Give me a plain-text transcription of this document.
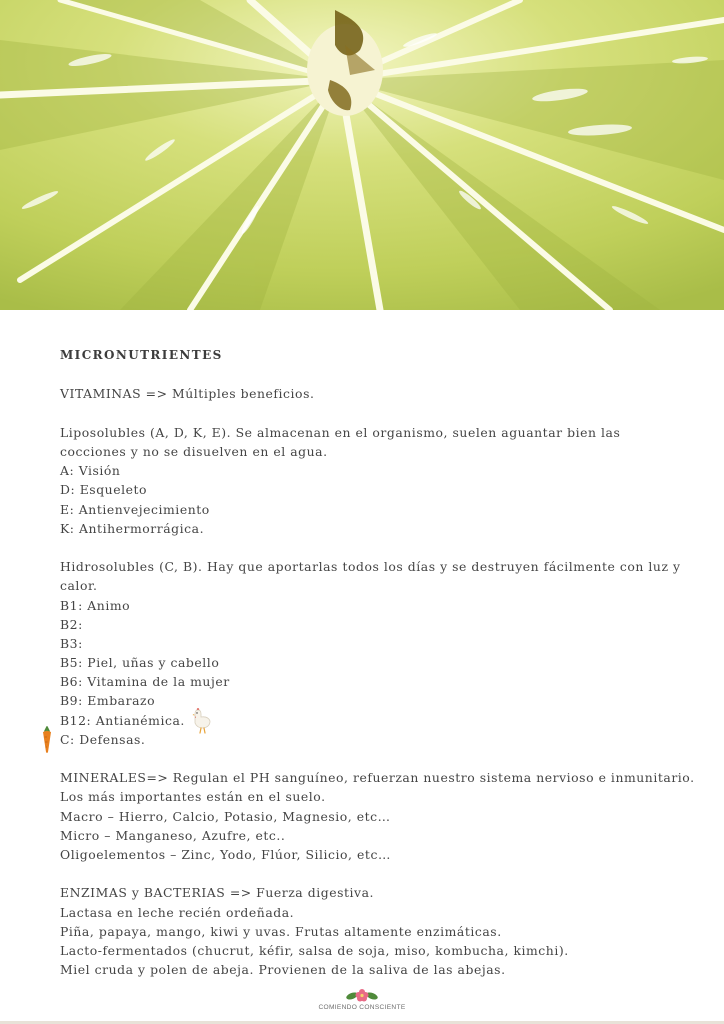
MICRONUTRIENTES
VITAMINAS => Múltiples beneficios.
Liposolubles (A, D, K, E). Se almacenan en el organismo, suelen aguantar bien las cocciones y no se disuelven en el agua.
A: Visión
D: Esqueleto
E: Antienvejecimiento
K: Antihermorrágica.
Hidrosolubles (C, B). Hay que aportarlas todos los días y se destruyen fácilmente con luz y calor.
B1: Animo
B2:
B3:
B5: Piel, uñas y cabello
B6: Vitamina de la mujer
B9: Embarazo
B12: Antianémica.
C: Defensas.
MINERALES=> Regulan el PH sanguíneo, refuerzan nuestro sistema nervioso e inmunitario.
Los más importantes están en el suelo.
Macro – Hierro, Calcio, Potasio, Magnesio, etc…
Micro – Manganeso, Azufre, etc..
Oligoelementos – Zinc, Yodo, Flúor, Silicio, etc…
ENZIMAS y BACTERIAS => Fuerza digestiva.
Lactasa en leche recién ordeñada.
Piña, papaya, mango, kiwi y uvas. Frutas altamente enzimáticas.
Lacto-fermentados (chucrut, kéfir, salsa de soja, miso, kombucha, kimchi).
Miel cruda y polen de abeja. Provienen de la saliva de las abejas.
COMIENDO CONSCIENTE
